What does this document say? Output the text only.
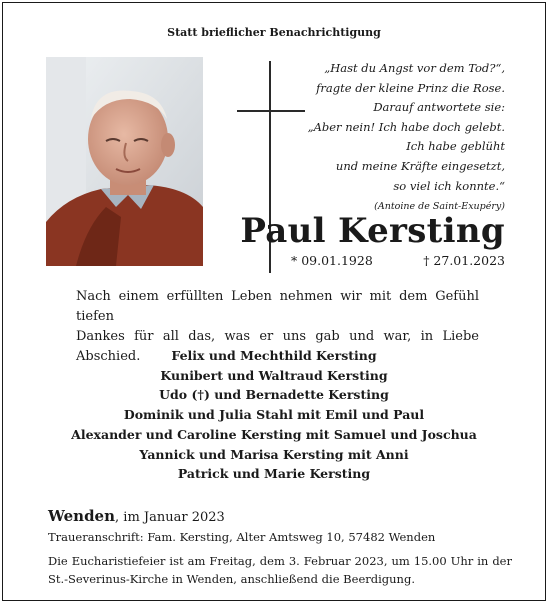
Statt brieflicher Benachrichtigung
„Hast du Angst vor dem Tod?“,
fragte der kleine Prinz die Rose.
Darauf antwortete sie:
„Aber nein! Ich habe doch gelebt.
Ich habe geblüht
und meine Kräfte eingesetzt,
so viel ich konnte.“
(Antoine de Saint-Exupéry)
Paul Kersting
* 09.01.1928	† 27.01.2023
Nach einem erfüllten Leben nehmen wir mit dem Gefühl tiefen
Dankes für all das, was er uns gab und war, in Liebe Abschied.	Felix und Mechthild Kersting
Kunibert und Waltraud Kersting
Udo (†) und Bernadette Kersting
Dominik und Julia Stahl mit Emil und Paul
Alexander und Caroline Kersting mit Samuel und Joschua
Yannick und Marisa Kersting mit Anni
Patrick und Marie Kersting
Wenden, im Januar 2023
Traueranschrift: Fam. Kersting, Alter Amtsweg 10, 57482 Wenden
Die Eucharistiefeier ist am Freitag, dem 3. Februar 2023, um 15.00 Uhr in der
St.-Severinus-Kirche in Wenden, anschließend die Beerdigung.
